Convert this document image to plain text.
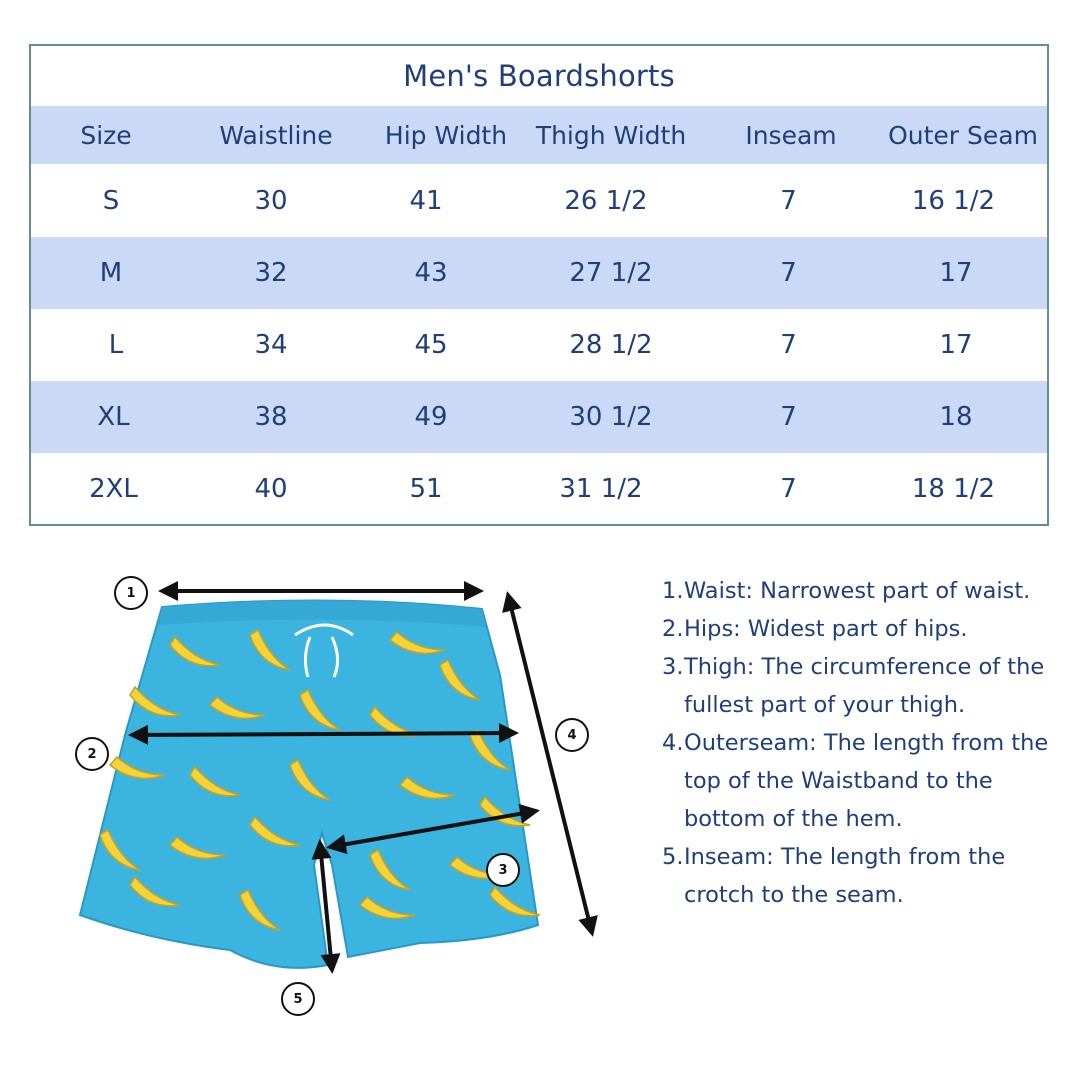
Men's Boardshorts
Size	Waistline	Hip Width	Thigh Width	Inseam	Outer Seam
S	30	41	26 1/2	7	16 1/2
M	32	43	27 1/2	7	17
L	34	45	28 1/2	7	17
XL	38	49	30 1/2	7	18
2XL	40	51	31 1/2	7	18 1/2
1
2
3
4
5
1. Waist: Narrowest part of waist.
2. Hips: Widest part of hips.
3. Thigh: The circumference of the fullest part of your thigh.
4. Outerseam: The length from the top of the Waistband to the bottom of the hem.
5. Inseam: The length from the crotch to the seam.
